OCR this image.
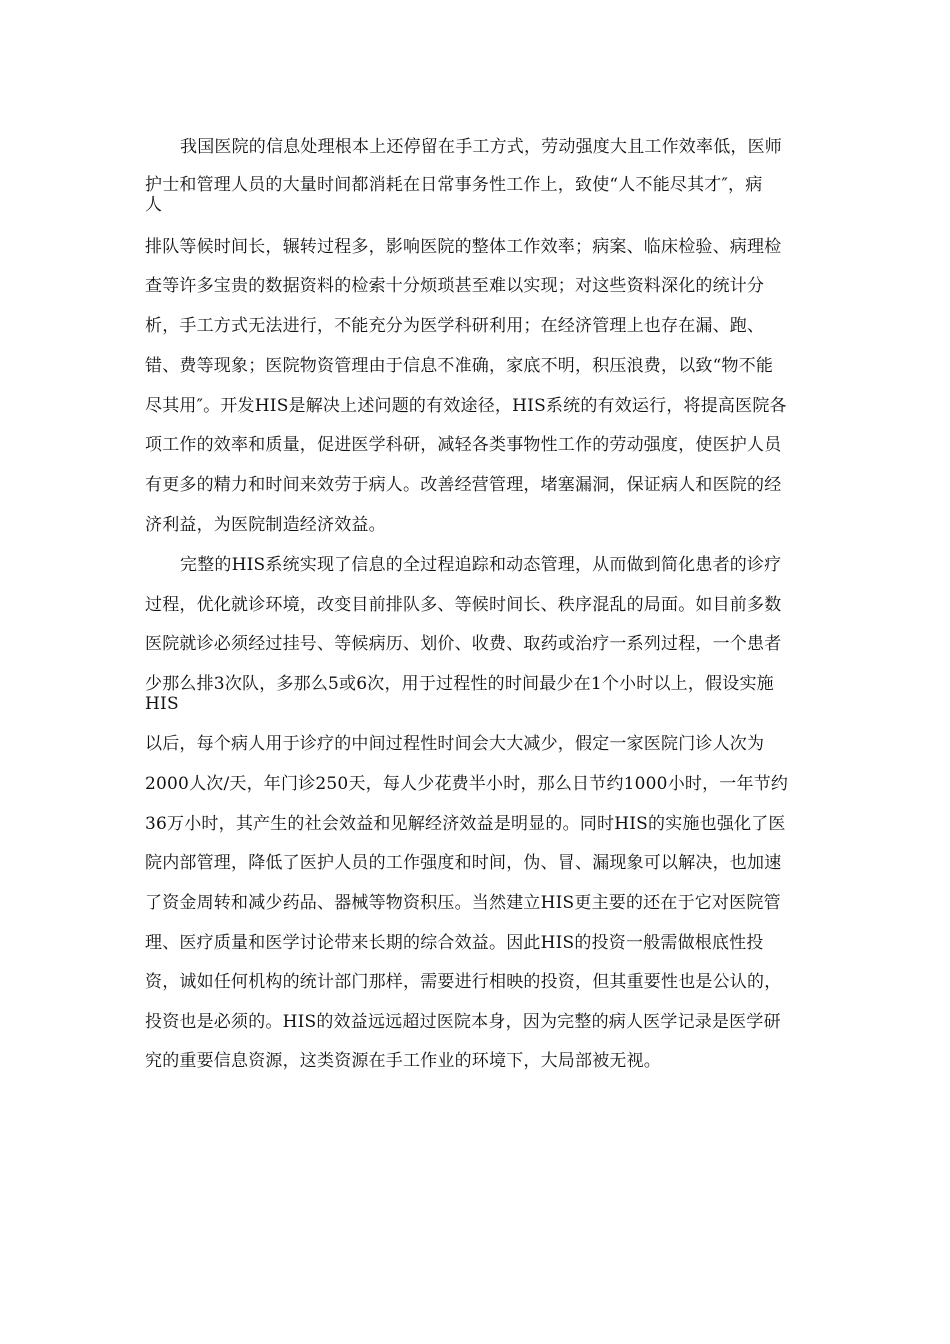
我国医院的信息处理根本上还停留在手工方式，劳动强度大且工作效率低，医师
护士和管理人员的大量时间都消耗在日常事务性工作上，致使“人不能尽其才″，病
人
排队等候时间长，辗转过程多，影响医院的整体工作效率；病案、临床检验、病理检
查等许多宝贵的数据资料的检索十分烦琐甚至难以实现；对这些资料深化的统计分
析，手工方式无法进行，不能充分为医学科研利用；在经济管理上也存在漏、跑、
错、费等现象；医院物资管理由于信息不准确，家底不明，积压浪费，以致“物不能
尽其用″。开发HIS是解决上述问题的有效途径，HIS系统的有效运行，将提高医院各
项工作的效率和质量，促进医学科研，减轻各类事物性工作的劳动强度，使医护人员
有更多的精力和时间来效劳于病人。改善经营管理，堵塞漏洞，保证病人和医院的经
济利益，为医院制造经济效益。
完整的HIS系统实现了信息的全过程追踪和动态管理，从而做到简化患者的诊疗
过程，优化就诊环境，改变目前排队多、等候时间长、秩序混乱的局面。如目前多数
医院就诊必须经过挂号、等候病历、划价、收费、取药或治疗一系列过程，一个患者
少那么排3次队，多那么5或6次，用于过程性的时间最少在1个小时以上，假设实施
HIS
以后，每个病人用于诊疗的中间过程性时间会大大减少，假定一家医院门诊人次为
2000人次/天，年门诊250天，每人少花费半小时，那么日节约1000小时，一年节约
36万小时，其产生的社会效益和见解经济效益是明显的。同时HIS的实施也强化了医
院内部管理，降低了医护人员的工作强度和时间，伪、冒、漏现象可以解决，也加速
了资金周转和减少药品、器械等物资积压。当然建立HIS更主要的还在于它对医院管
理、医疗质量和医学讨论带来长期的综合效益。因此HIS的投资一般需做根底性投
资，诚如任何机构的统计部门那样，需要进行相映的投资，但其重要性也是公认的，
投资也是必须的。HIS的效益远远超过医院本身，因为完整的病人医学记录是医学研
究的重要信息资源，这类资源在手工作业的环境下，大局部被无视。
